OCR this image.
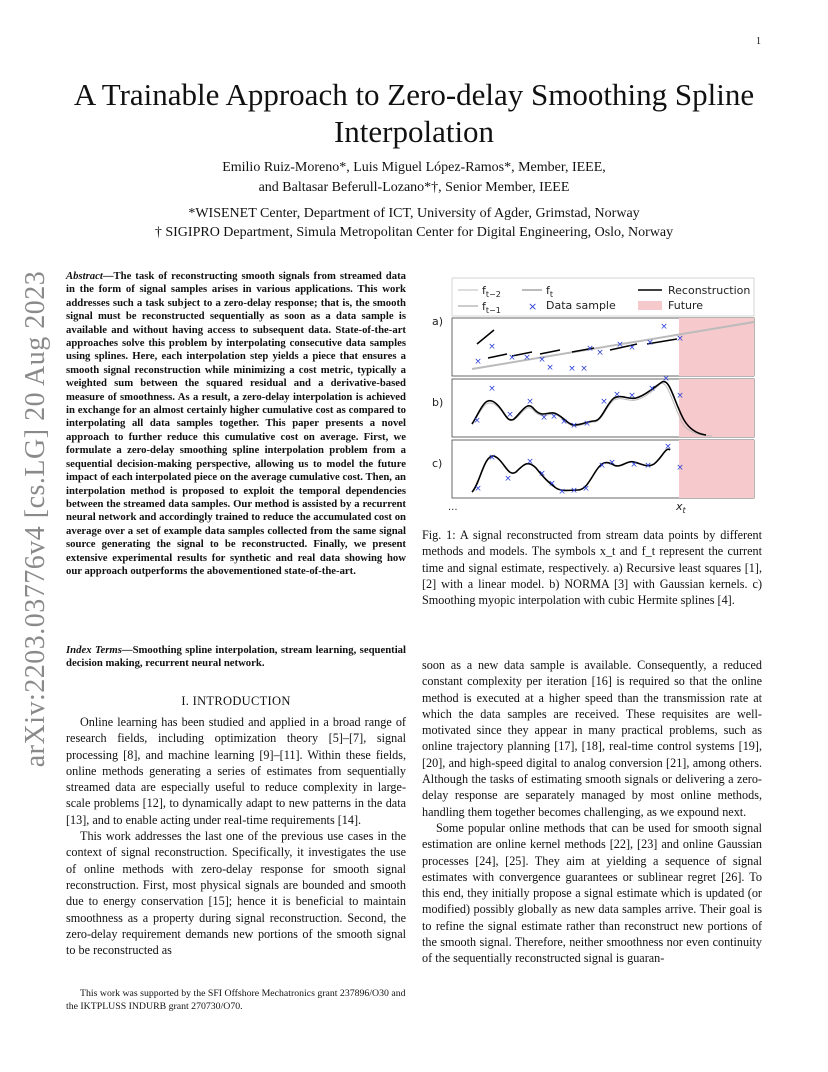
1
A Trainable Approach to Zero-delay Smoothing Spline Interpolation
Emilio Ruiz-Moreno*, Luis Miguel López-Ramos*, Member, IEEE,
and Baltasar Beferull-Lozano*†, Senior Member, IEEE
*WISENET Center, Department of ICT, University of Agder, Grimstad, Norway
† SIGIPRO Department, Simula Metropolitan Center for Digital Engineering, Oslo, Norway
arXiv:2203.03776v4 [cs.LG] 20 Aug 2023 Abstract—The task of reconstructing smooth signals from streamed data in the form of signal samples arises in various applications. This work addresses such a task subject to a zero-delay response; that is, the smooth signal must be reconstructed sequentially as soon as a data sample is available and without having access to subsequent data. State-of-the-art approaches solve this problem by interpolating consecutive data samples using splines. Here, each interpolation step yields a piece that ensures a smooth signal reconstruction while minimizing a cost metric, typically a weighted sum between the squared residual and a derivative-based measure of smoothness. As a result, a zero-delay interpolation is achieved in exchange for an almost certainly higher cumulative cost as compared to interpolating all data samples together. This paper presents a novel approach to further reduce this cumulative cost on average. First, we formulate a zero-delay smoothing spline interpolation problem from a sequential decision-making perspective, allowing us to model the future impact of each interpolated piece on the average cumulative cost. Then, an interpolation method is proposed to exploit the temporal dependencies between the streamed data samples. Our method is assisted by a recurrent neural network and accordingly trained to reduce the accumulated cost on average over a set of example data samples collected from the same signal source generating the signal to be reconstructed. Finally, we present extensive experimental results for synthetic and real data showing how our approach outperforms the abovementioned state-of-the-art.
Index Terms—Smoothing spline interpolation, stream learning, sequential decision making, recurrent neural network.
I. INTRODUCTION

Online learning has been studied and applied in a broad range of research fields, including optimization theory [5]–[7], signal processing [8], and machine learning [9]–[11]. Within these fields, online methods generating a series of estimates from sequentially streamed data are especially useful to reduce complexity in large-scale problems [12], to dynamically adapt to new patterns in the data [13], and to enable acting under real-time requirements [14].

This work addresses the last one of the previous use cases in the context of signal reconstruction. Specifically, it investigates the use of online methods with zero-delay response for smooth signal reconstruction. First, most physical signals are bounded and smooth due to energy conservation [15]; hence it is beneficial to maintain smoothness as a property during signal reconstruction. Second, the zero-delay requirement demands new portions of the smooth signal to be reconstructed as

This work was supported by the SFI Offshore Mechatronics grant 237896/O30 and the IKTPLUSS INDURB grant 270730/O70.

$f_{t-2}$
$f_{t-1}$
$f_t$
× Data sample
Reconstruction
Future
×
×
× × ×
× × ×
× ×
× × ×
×
×
a)
×
×
×
×
× × × × ×
×
× ×
×
×
×
b)
×
×
×
×
×
×
× × ×
× × × ×
×
×
c)
...	$x_t$
Fig. 1: A signal reconstructed from stream data points by different methods and models. The symbols x_t and f_t represent the current time and signal estimate, respectively. a) Recursive least squares [1], [2] with a linear model. b) NORMA [3] with Gaussian kernels. c) Smoothing myopic interpolation with cubic Hermite splines [4].

soon as a new data sample is available. Consequently, a reduced constant complexity per iteration [16] is required so that the online method is executed at a higher speed than the transmission rate at which the data samples are received. These requisites are well-motivated since they appear in many practical problems, such as online trajectory planning [17], [18], real-time control systems [19], [20], and high-speed digital to analog conversion [21], among others. Although the tasks of estimating smooth signals or delivering a zero-delay response are separately managed by most online methods, handling them together becomes challenging, as we expound next.

Some popular online methods that can be used for smooth signal estimation are online kernel methods [22], [23] and online Gaussian processes [24], [25]. They aim at yielding a sequence of signal estimates with convergence guarantees or sublinear regret [26]. To this end, they initially propose a signal estimate which is updated (or modified) possibly globally as new data samples arrive. Their goal is to refine the signal estimate rather than reconstruct new portions of the smooth signal. Therefore, neither smoothness nor even continuity of the sequentially reconstructed signal is guaran-
